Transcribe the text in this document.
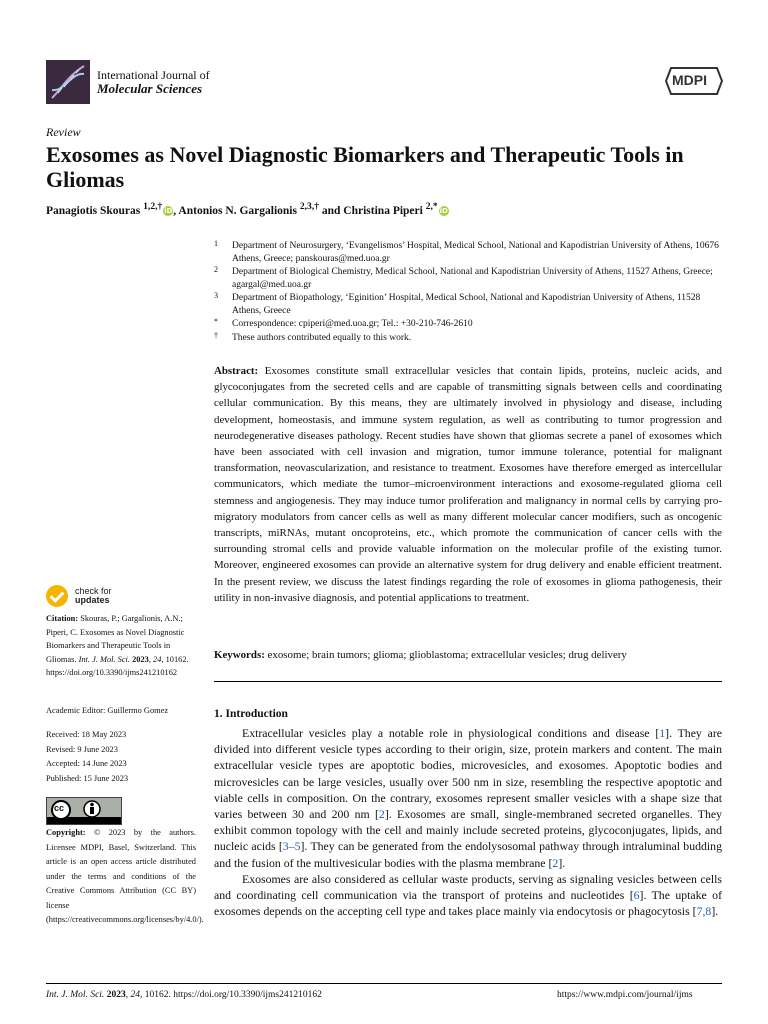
International Journal of
Molecular Sciences
MDPI
Review
Exosomes as Novel Diagnostic Biomarkers and Therapeutic Tools in Gliomas
Panagiotis Skouras $^{1,2,\dagger}$ iD, Antonios N. Gargalionis $^{2,3,\dagger}$ and Christina Piperi $^{2,*}$ iD
1 Department of Neurosurgery, ‘Evangelismos’ Hospital, Medical School, National and Kapodistrian University of Athens, 10676 Athens, Greece; panskouras@med.uoa.gr
2 Department of Biological Chemistry, Medical School, National and Kapodistrian University of Athens, 11527 Athens, Greece; agargal@med.uoa.gr
3 Department of Biopathology, ‘Eginition’ Hospital, Medical School, National and Kapodistrian University of Athens, 11528 Athens, Greece
* Correspondence: cpiperi@med.uoa.gr; Tel.: +30-210-746-2610
† These authors contributed equally to this work.
Abstract: Exosomes constitute small extracellular vesicles that contain lipids, proteins, nucleic acids, and glycoconjugates from the secreted cells and are capable of transmitting signals between cells and coordinating cellular communication. By this means, they are ultimately involved in physiology and disease, including development, homeostasis, and immune system regulation, as well as contributing to tumor progression and neurodegenerative diseases pathology. Recent studies have shown that gliomas secrete a panel of exosomes which have been associated with cell invasion and migration, tumor immune tolerance, potential for malignant transformation, neovascularization, and resistance to treatment. Exosomes have therefore emerged as intercellular communicators, which mediate the tumor–microenvironment interactions and exosome-regulated glioma cell stemness and angiogenesis. They may induce tumor proliferation and malignancy in normal cells by carrying pro-migratory modulators from cancer cells as well as many different molecular cancer modifiers, such as oncogenic transcripts, miRNAs, mutant oncoproteins, etc., which promote the communication of cancer cells with the surrounding stromal cells and provide valuable information on the molecular profile of the existing tumor. Moreover, engineered exosomes can provide an alternative system for drug delivery and enable efficient treatment. In the present review, we discuss the latest findings regarding the role of exosomes in glioma pathogenesis, their utility in non-invasive diagnosis, and potential applications to treatment.
Keywords: exosome; brain tumors; glioma; glioblastoma; extracellular vesicles; drug delivery
1. Introduction

Extracellular vesicles play a notable role in physiological conditions and disease [1]. They are divided into different vesicle types according to their origin, size, protein markers and content. The main extracellular vesicle types are apoptotic bodies, microvesicles, and exosomes. Apoptotic bodies and microvesicles can be large vesicles, usually over 500 nm in size, resembling the respective apoptotic and viable cells in composition. On the contrary, exosomes represent smaller vesicles with a shape size that varies between 30 and 200 nm [2]. Exosomes are small, single-membraned secreted organelles. They exhibit common topology with the cell and mainly include secreted proteins, glycoconjugates, lipids, and nucleic acids [3–5]. They can be generated from the endolysosomal pathway through intraluminal budding and the fusion of the multivesicular bodies with the plasma membrane [2].

Exosomes are also considered as cellular waste products, serving as signaling vesicles between cells and coordinating cell communication via the transport of proteins and nucleotides [6]. The uptake of exosomes depends on the accepting cell type and takes place mainly via endocytosis or phagocytosis [7,8].

check for
updates

Citation: Skouras, P.; Gargalionis, A.N.; Piperi, C. Exosomes as Novel Diagnostic Biomarkers and Therapeutic Tools in Gliomas. Int. J. Mol. Sci. 2023, 24, 10162. https://doi.org/10.3390/ijms241210162

Academic Editor: Guillermo Gomez
Received: 18 May 2023
Revised: 9 June 2023
Accepted: 14 June 2023
Published: 15 June 2023
cc
Copyright: © 2023 by the authors. Licensee MDPI, Basel, Switzerland. This article is an open access article distributed under the terms and conditions of the Creative Commons Attribution (CC BY) license (https://creativecommons.org/licenses/by/4.0/).
Int. J. Mol. Sci. 2023, 24, 10162. https://doi.org/10.3390/ijms241210162	https://www.mdpi.com/journal/ijms
